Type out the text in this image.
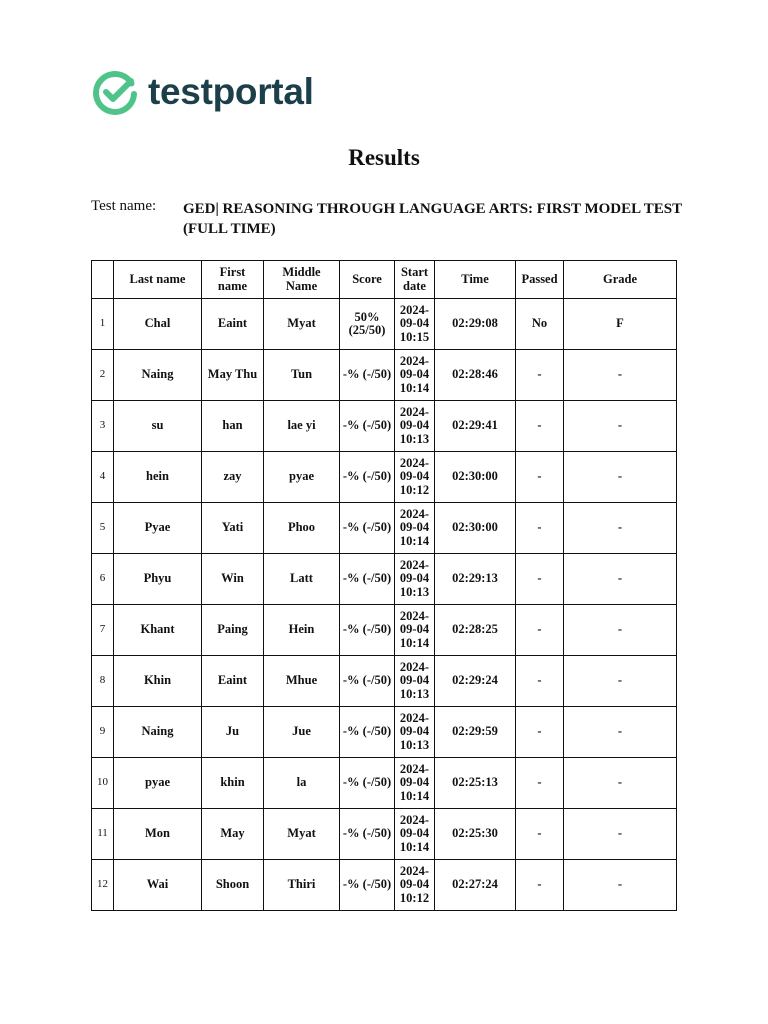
testportal
Results
Test name: GED| REASONING THROUGH LANGUAGE ARTS: FIRST MODEL TEST (FULL TIME)
	Last name	First name	Middle Name	Score	Start date	Time	Passed	Grade
1	Chal	Eaint	Myat	50% (25/50)	2024-09-04 10:15	02:29:08	No	F
2	Naing	May Thu	Tun	-% (-/50)	2024-09-04 10:14	02:28:46	-	-
3	su	han	lae yi	-% (-/50)	2024-09-04 10:13	02:29:41	-	-
4	hein	zay	pyae	-% (-/50)	2024-09-04 10:12	02:30:00	-	-
5	Pyae	Yati	Phoo	-% (-/50)	2024-09-04 10:14	02:30:00	-	-
6	Phyu	Win	Latt	-% (-/50)	2024-09-04 10:13	02:29:13	-	-
7	Khant	Paing	Hein	-% (-/50)	2024-09-04 10:14	02:28:25	-	-
8	Khin	Eaint	Mhue	-% (-/50)	2024-09-04 10:13	02:29:24	-	-
9	Naing	Ju	Jue	-% (-/50)	2024-09-04 10:13	02:29:59	-	-
10	pyae	khin	la	-% (-/50)	2024-09-04 10:14	02:25:13	-	-
11	Mon	May	Myat	-% (-/50)	2024-09-04 10:14	02:25:30	-	-
12	Wai	Shoon	Thiri	-% (-/50)	2024-09-04 10:12	02:27:24	-	-
